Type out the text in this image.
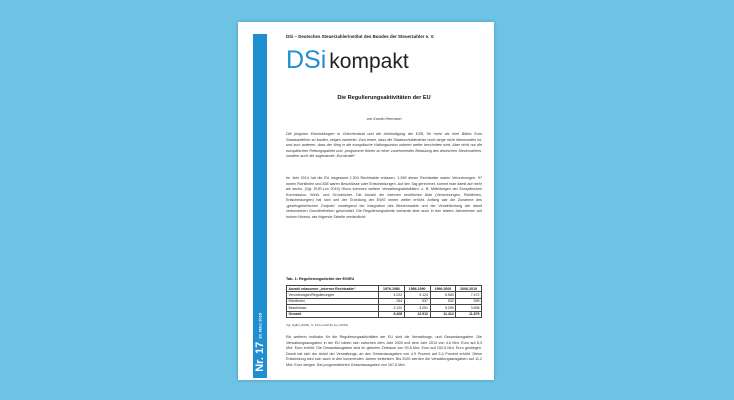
Nr. 17
20. März 2015
DSi – Deutsches Steuerzahlerinstitut des Bundes der Steuerzahler e. V.
DSi kompakt
Die Regulierungsaktivitäten der EU
von Karolin Herrmann

Die jüngsten Entwicklungen in Griechenland und die Ankündigung der EZB, für mehr als eine Billion Euro Staatsanleihen zu kaufen, zeigen zweierlei: Zum einen, dass die Staatsschuldenkrise noch lange nicht überwunden ist, und zum anderen, dass der Weg in die europäische Haftungsunion unbeirrt weiter beschritten wird. Aber nicht nur die europäischen Rettungspakete und -programme führen zu einer zunehmenden Belastung des deutschen Steuerzahlers, sondern auch die sogenannte „Eurokratie“.

Im Jahr 2014 hat die EU insgesamt 2.304 Rechtsakte erlassen. 1.369 dieser Rechtsakte waren Verordnungen, 97 waren Richtlinien und 838 waren Beschlüsse oder Entscheidungen. Auf den Tag gerechnet, kommt man damit auf mehr als sechs. (Vgl. EUR-Lex 2015) Hinzu kommen weitere Verwaltungsaktivitäten, z. B. Mitteilungen der Europäischen Kommission, Weiß- und Grünbücher. Die Anzahl der internen rechtlichen Akte (Verordnungen, Richtlinien, Entscheidungen) hat sich seit der Gründung der EWG immer weiter erhöht. Anfang war die Zunahme des „gesetzgeberischen Outputs“ vorwiegend der Integration des Binnenmarkts und der Verwirklichung der damit verbundenen Grundfreiheiten geschuldet. Die Regulierungsdichte verharrte aber auch in den letzten Jahrzehnten auf hohem Niveau, wie folgende Tabelle verdeutlicht:

Tab. 1: Regulierungsdichte der EG/EU
Anzahl erlassener „interner Rechtsakte“	1976-1980	1986-1990	1996-2000	2006-2010
Verordnungen/Regulierungen	4.022	9.124	5.583	7.472
Richtlinien	264	537	532	599
Beschlüsse	2.122	3.251	5.299	3.808
Gesamt	6.408	12.912	11.414	11.879
Vgl. Haller (2009), S. 244 und EUR-Lex (2015).

Ein weiterer Indikator für die Regulierungsaktivitäten der EU sind die Verwaltungs- und Gesamtausgaben. Die Verwaltungsausgaben in der EU haben sich zwischen dem Jahr 2000 und dem Jahr 2013 von 4,6 Mrd. Euro auf 8,3 Mrd. Euro erhöht. Die Gesamtausgaben sind im gleichen Zeitraum von 93,8 Mrd. Euro auf 152,5 Mrd. Euro gestiegen. Damit hat sich der Anteil der Verwaltungs- an den Gesamtausgaben von 4,9 Prozent auf 5,4 Prozent erhöht. Diese Entwicklung wird sich auch in den kommenden Jahren fortsetzen. Bis 2020 werden die Verwaltungsausgaben auf 11,2 Mrd. Euro steigen. Bei prognostizierten Gesamtausgaben von 167,6 Mrd.
